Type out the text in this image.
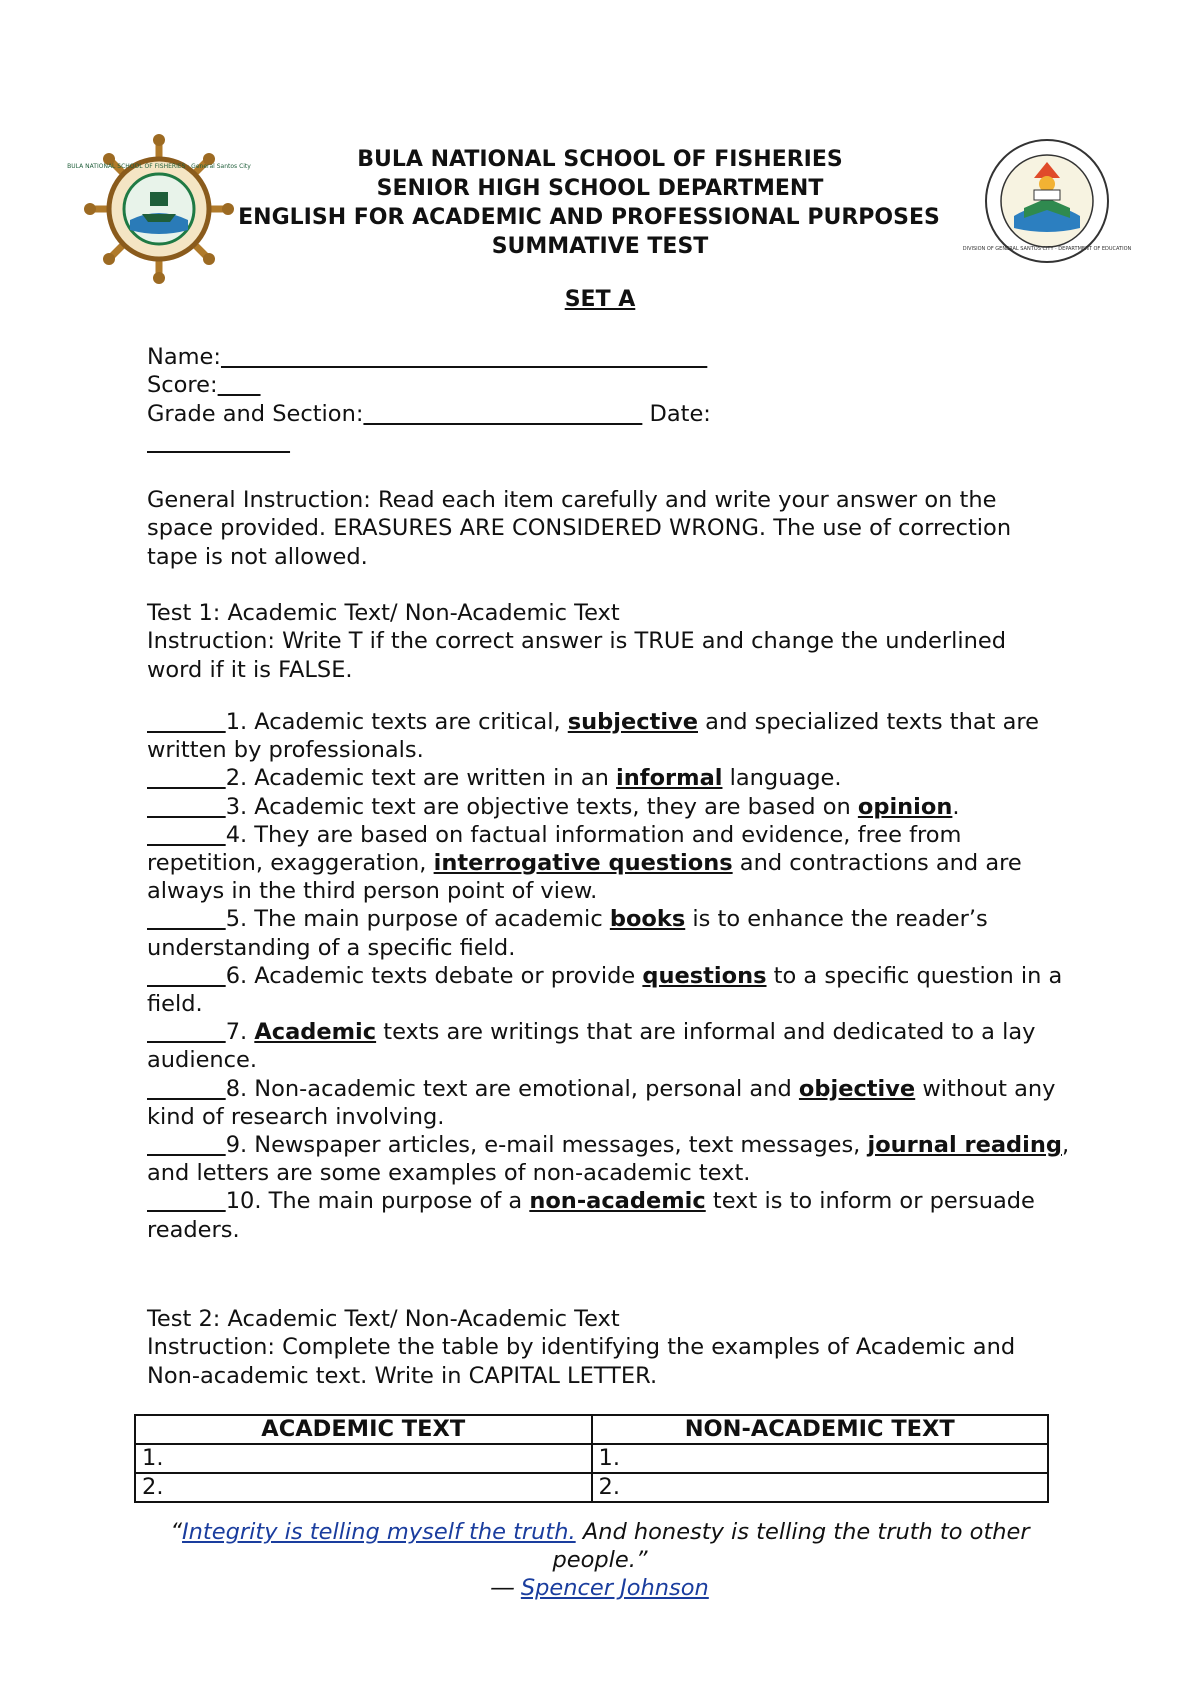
BULA NATIONAL SCHOOL OF FISHERIES · General Santos City
DIVISION OF GENERAL SANTOS CITY · DEPARTMENT OF EDUCATION
BULA NATIONAL SCHOOL OF FISHERIES
SENIOR HIGH SCHOOL DEPARTMENT
ENGLISH FOR ACADEMIC AND PROFESSIONAL PURPOSES
SUMMATIVE TEST
SET A
Name:
Score:
Grade and Section:	Date:

General Instruction: Read each item carefully and write your answer on the space provided. ERASURES ARE CONSIDERED WRONG. The use of correction tape is not allowed.
Test 1: Academic Text/ Non-Academic Text
Instruction: Write T if the correct answer is TRUE and change the underlined word if it is FALSE.

1. Academic texts are critical, subjective and specialized texts that are written by professionals.

2. Academic text are written in an informal language.

3. Academic text are objective texts, they are based on opinion.

4. They are based on factual information and evidence, free from repetition, exaggeration, interrogative questions and contractions and are always in the third person point of view.

5. The main purpose of academic books is to enhance the reader’s understanding of a specific field.

6. Academic texts debate or provide questions to a specific question in a field.

7. Academic texts are writings that are informal and dedicated to a lay audience.

8. Non-academic text are emotional, personal and objective without any kind of research involving.

9. Newspaper articles, e-mail messages, text messages, journal reading, and letters are some examples of non-academic text.

10. The main purpose of a non-academic text is to inform or persuade readers.

Test 2: Academic Text/ Non-Academic Text
Instruction: Complete the table by identifying the examples of Academic and Non-academic text. Write in CAPITAL LETTER.
ACADEMIC TEXT	NON-ACADEMIC TEXT
1.	1.
2.	2.
“Integrity is telling myself the truth. And honesty is telling the truth to other people.”
― Spencer Johnson
